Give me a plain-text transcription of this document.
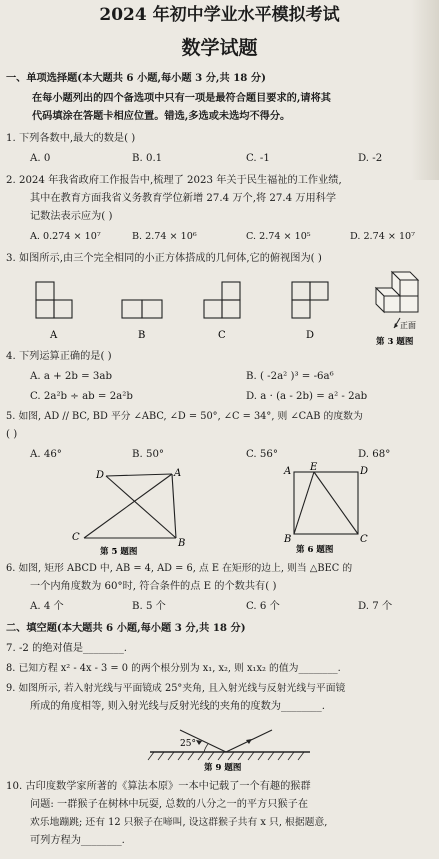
2024 年初中学业水平模拟考试
数学试题
一、单项选择题(本大题共 6 小题,每小题 3 分,共 18 分)
在每小题列出的四个备选项中只有一项是最符合题目要求的,请将其
代码填涂在答题卡相应位置。错选,多选或未选均不得分。
1. 下列各数中,最大的数是( )
A. 0	B. 0.1	C. -1	D. -2
2. 2024 年我省政府工作报告中,梳理了 2023 年关于民生福祉的工作业绩,
其中在教育方面我省义务教育学位新增 27.4 万个,将 27.4 万用科学
记数法表示应为( )
A. 0.274 × 10⁷	B. 2.74 × 10⁶	C. 2.74 × 10⁵	D. 2.74 × 10⁷
3. 如图所示,由三个完全相同的小正方体搭成的几何体,它的俯视图为( )
A	B	C	D
正面
第 3 题图
4. 下列运算正确的是( )
A. a + 2b = 3ab	B. ( -2a² )³ = -6a⁶
C. 2a²b ÷ ab = 2a²b	D. a · (a - 2b) = a² - 2ab
5. 如图, AD // BC, BD 平分 ∠ABC, ∠D = 50°, ∠C = 34°, 则 ∠CAB 的度数为
( )
A. 46°	B. 50°	C. 56°	D. 68°
D	A
C
B
第 5 题图
A E	D
B	C
第 6 题图
6. 如图, 矩形 ABCD 中, AB = 4, AD = 6, 点 E 在矩形的边上, 则当 △BEC 的
一个内角度数为 60°时, 符合条件的点 E 的个数共有( )
A. 4 个	B. 5 个	C. 6 个	D. 7 个
二、填空题(本大题共 6 小题,每小题 3 分,共 18 分)
7. -2 的绝对值是________.
8. 已知方程 x² - 4x - 3 = 0 的两个根分别为 x₁, x₂, 则 x₁x₂ 的值为________.
9. 如图所示, 若入射光线与平面镜成 25°夹角, 且入射光线与反射光线与平面镜
所成的角度相等, 则入射光线与反射光线的夹角的度数为________.
25°
第 9 题图
10. 古印度数学家所著的《算法本原》一本中记载了一个有趣的猴群
问题: 一群猴子在树林中玩耍, 总数的八分之一的平方只猴子在
欢乐地蹦跳; 还有 12 只猴子在啼叫, 设这群猴子共有 x 只, 根据题意,
可列方程为________.
